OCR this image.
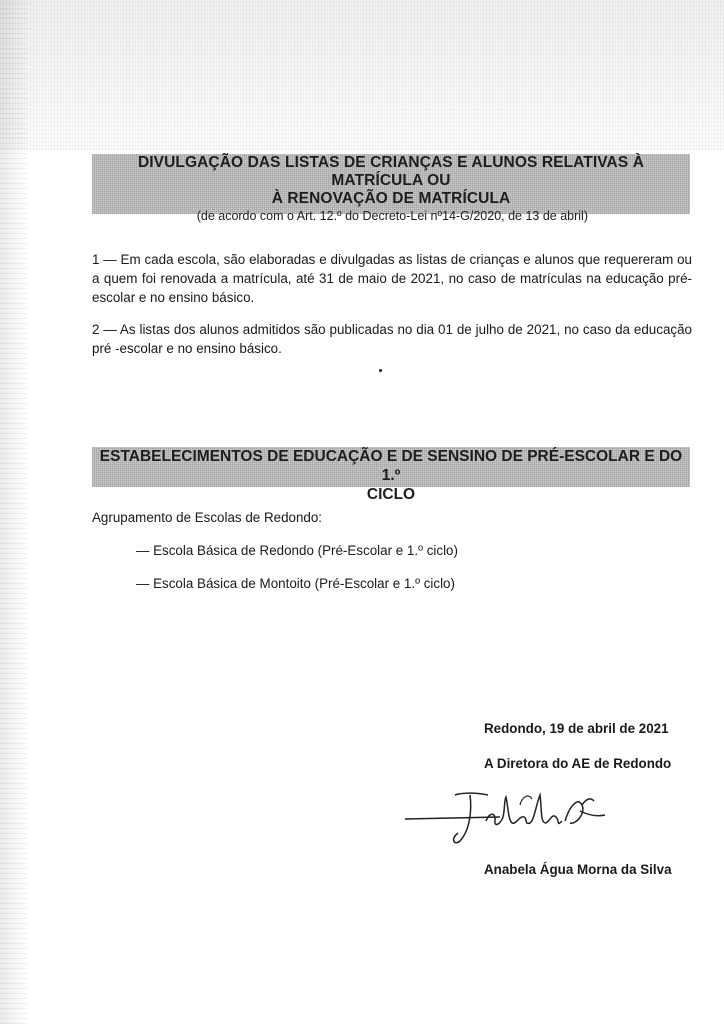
DIVULGAÇÃO DAS LISTAS DE CRIANÇAS E ALUNOS RELATIVAS À MATRÍCULA OU
À RENOVAÇÃO DE MATRÍCULA
(de acordo com o Art. 12.º do Decreto-Lei nº14-G/2020, de 13 de abril)
1 — Em cada escola, são elaboradas e divulgadas as listas de crianças e alunos que requereram ou a quem foi renovada a matrícula, até 31 de maio de 2021, no caso de matrículas na educação pré-escolar e no ensino básico.
2 — As listas dos alunos admitidos são publicadas no dia 01 de julho de 2021, no caso da educação pré -escolar e no ensino básico.
ESTABELECIMENTOS DE EDUCAÇÃO E DE SENSINO DE PRÉ-ESCOLAR E DO 1.º
CICLO
Agrupamento de Escolas de Redondo:
— Escola Básica de Redondo (Pré-Escolar e 1.º ciclo)
— Escola Básica de Montoito (Pré-Escolar e 1.º ciclo)
Redondo, 19 de abril de 2021
A Diretora do AE de Redondo
Anabela Água Morna da Silva
